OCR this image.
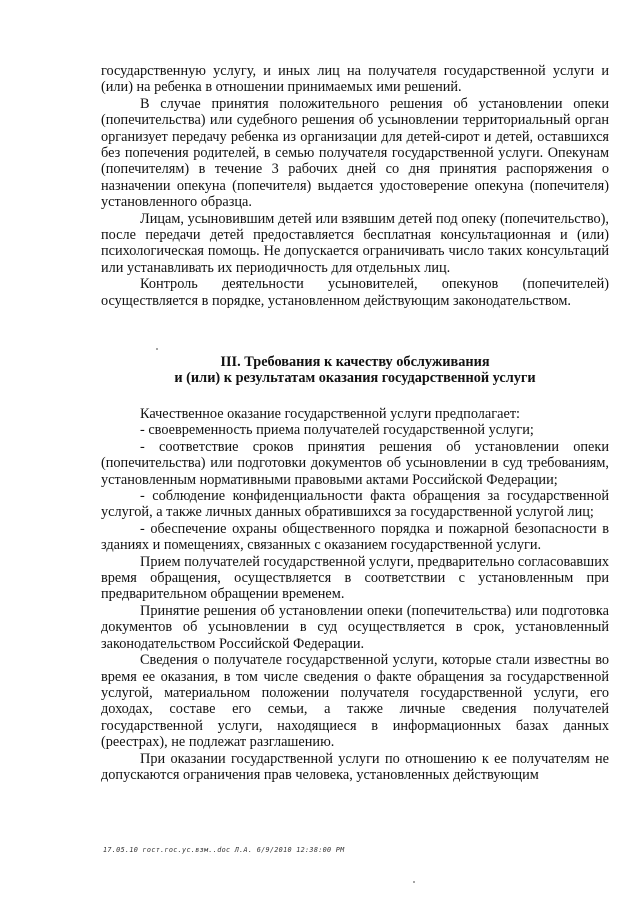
государственную услугу, и иных лиц на получателя государственной услуги и (или) на ребенка в отношении принимаемых ими решений.

В случае принятия положительного решения об установлении опеки (попечительства) или судебного решения об усыновлении территориальный орган организует передачу ребенка из организации для детей-сирот и детей, оставшихся без попечения родителей, в семью получателя государственной услуги. Опекунам (попечителям) в течение 3 рабочих дней со дня принятия распоряжения о назначении опекуна (попечителя) выдается удостоверение опекуна (попечителя) установленного образца.

Лицам, усыновившим детей или взявшим детей под опеку (попечительство), после передачи детей предоставляется бесплатная консультационная и (или) психологическая помощь. Не допускается ограничивать число таких консультаций или устанавливать их периодичность для отдельных лиц.

Контроль деятельности усыновителей, опекунов (попечителей) осуществляется в порядке, установленном действующим законодательством.

III. Требования к качеству обслуживания
и (или) к результатам оказания государственной услуги

Качественное оказание государственной услуги предполагает:

- своевременность приема получателей государственной услуги;

- соответствие сроков принятия решения об установлении опеки (попечительства) или подготовки документов об усыновлении в суд требованиям, установленным нормативными правовыми актами Российской Федерации;

- соблюдение конфиденциальности факта обращения за государственной услугой, а также личных данных обратившихся за государственной услугой лиц;

- обеспечение охраны общественного порядка и пожарной безопасности в зданиях и помещениях, связанных с оказанием государственной услуги.

Прием получателей государственной услуги, предварительно согласовавших время обращения, осуществляется в соответствии с установленным при предварительном обращении временем.

Принятие решения об установлении опеки (попечительства) или подготовка документов об усыновлении в суд осуществляется в срок, установленный законодательством Российской Федерации.

Сведения о получателе государственной услуги, которые стали известны во время ее оказания, в том числе сведения о факте обращения за государственной услугой, материальном положении получателя государственной услуги, его доходах, составе его семьи, а также личные сведения получателей государственной услуги, находящиеся в информационных базах данных (реестрах), не подлежат разглашению.

При оказании государственной услуги по отношению к ее получателям не допускаются ограничения прав человека, установленных действующим

17.05.10 гост.гос.ус.взм..doc Л.А. 6/9/2010 12:38:00 PM
